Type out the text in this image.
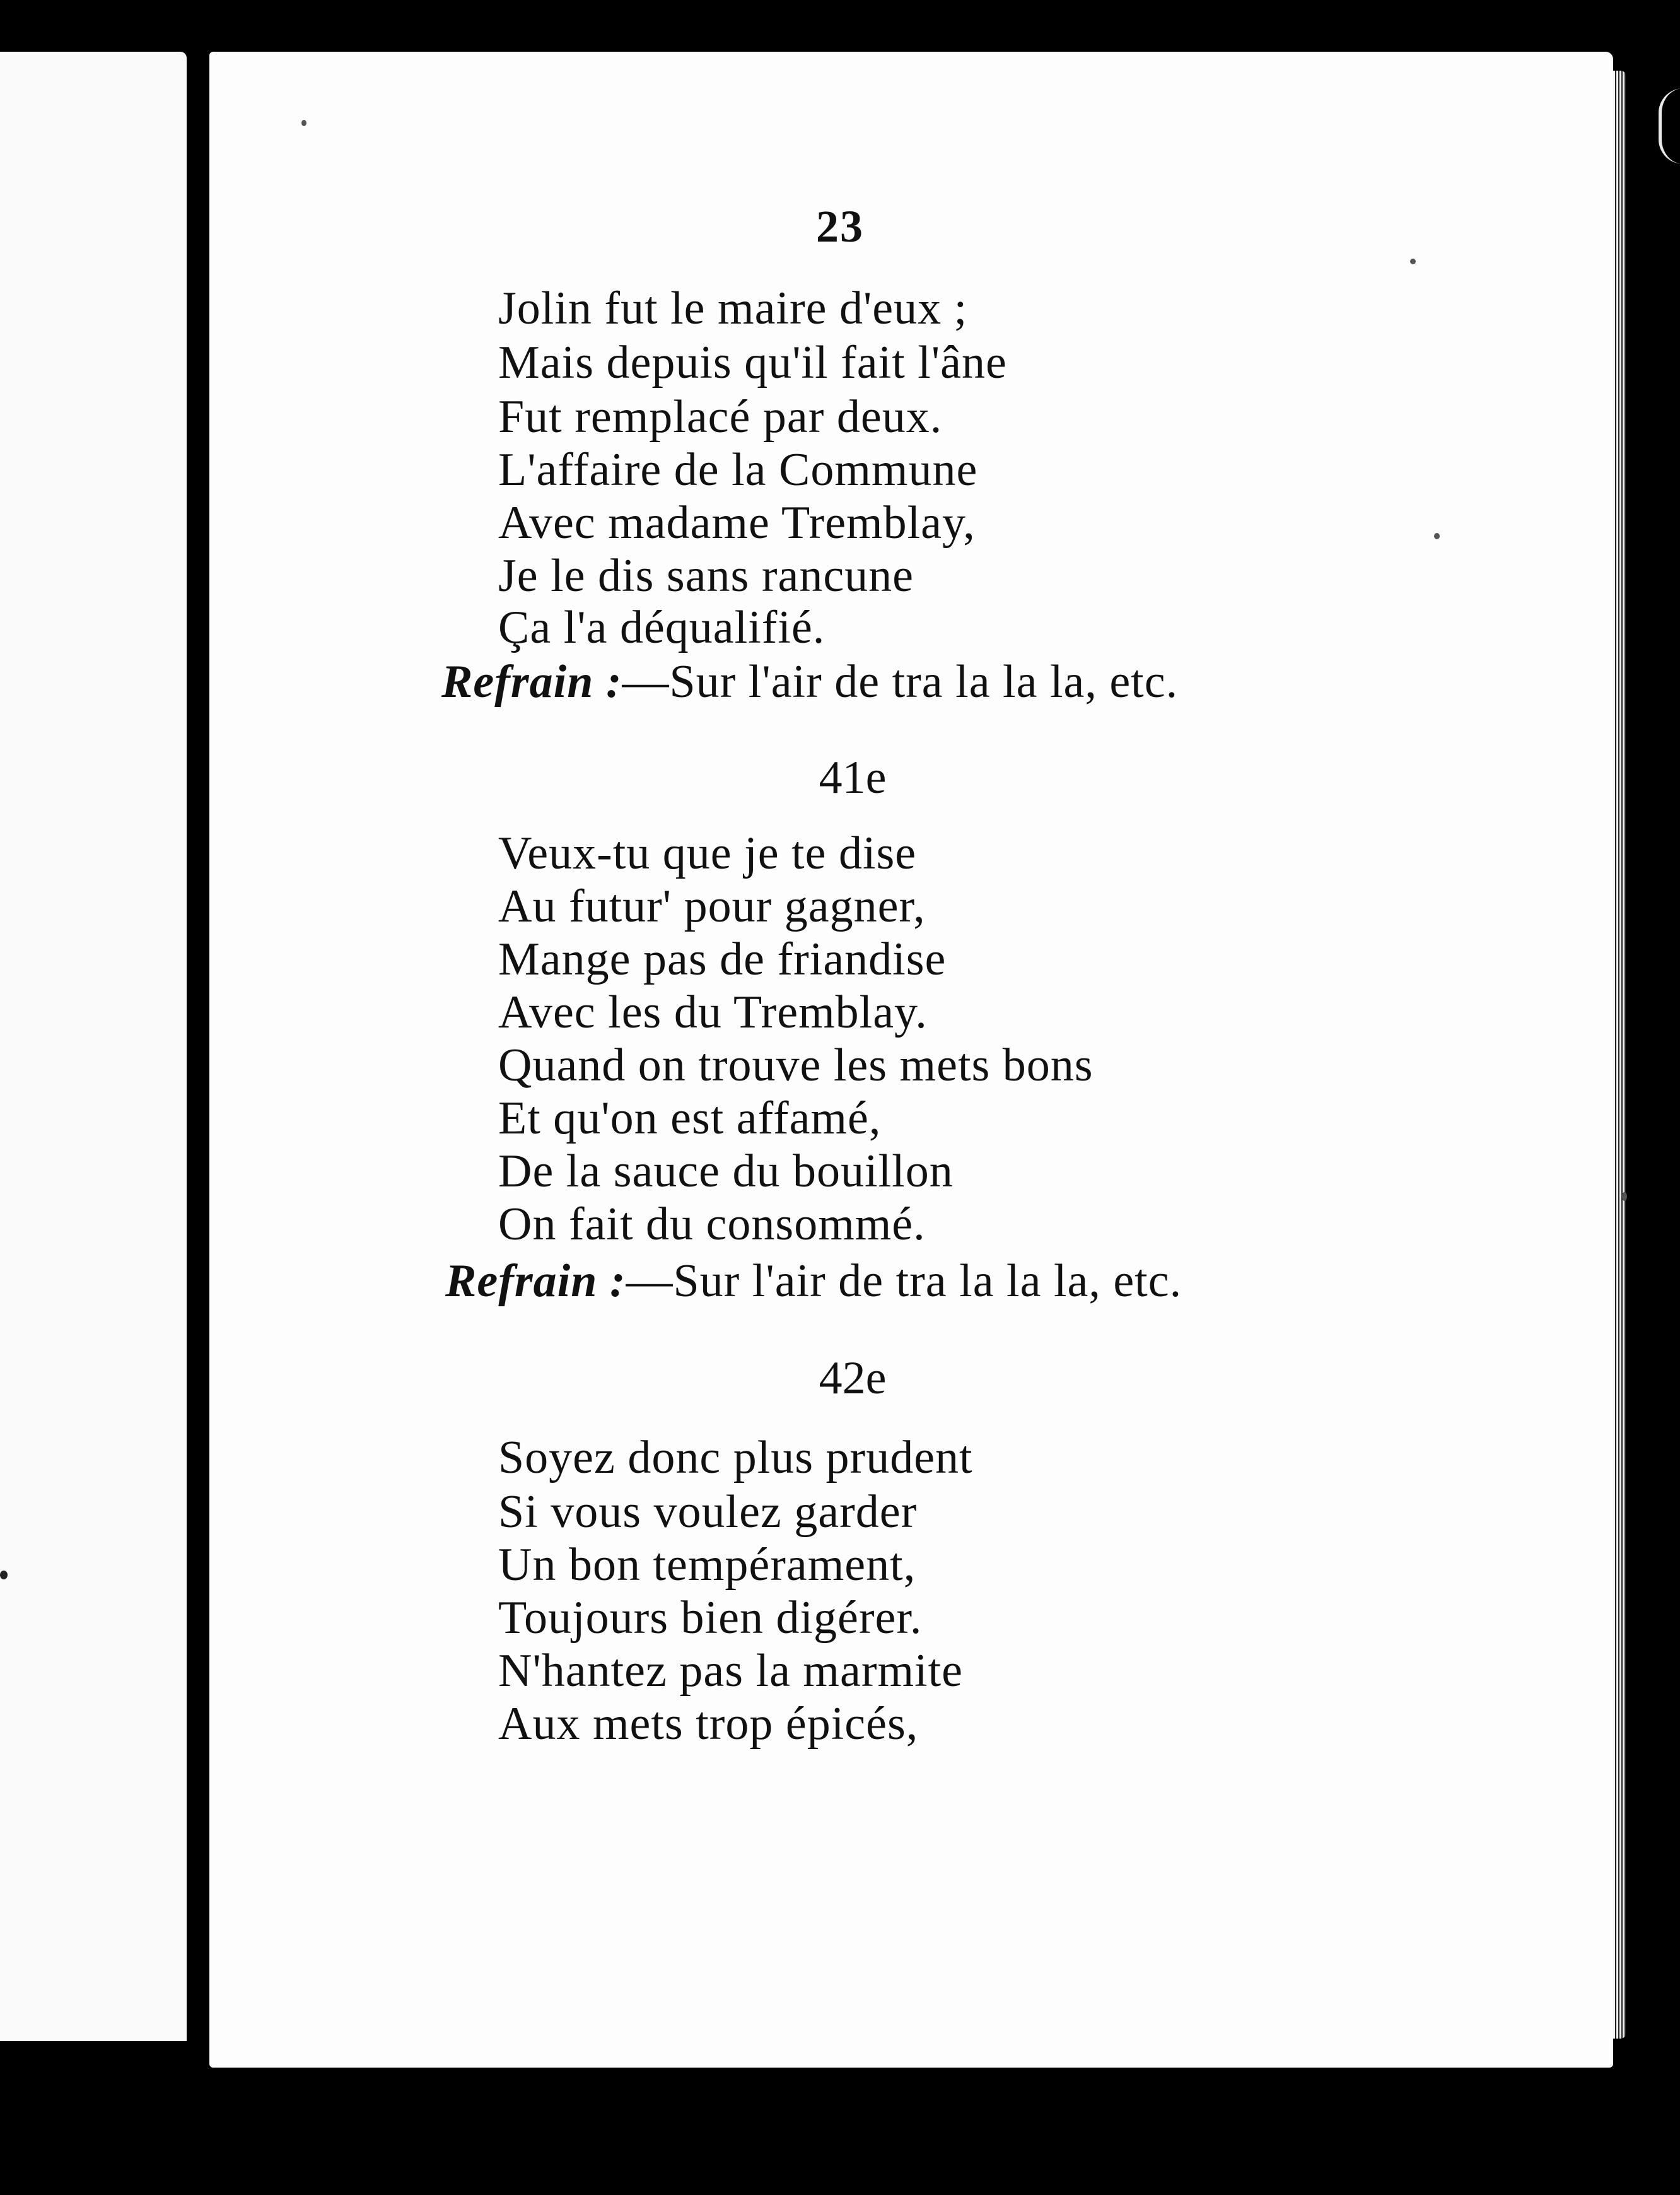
23

Jolin fut le maire d'eux ;

Mais depuis qu'il fait l'âne

Fut remplacé par deux.

L'affaire de la Commune

Avec madame Tremblay,

Je le dis sans rancune

Ça l'a déqualifié.

Refrain :—Sur l'air de tra la la la, etc.

41e

Veux-tu que je te dise

Au futur' pour gagner,

Mange pas de friandise

Avec les du Tremblay.

Quand on trouve les mets bons

Et qu'on est affamé,

De la sauce du bouillon

On fait du consommé.

Refrain :—Sur l'air de tra la la la, etc.

42e

Soyez donc plus prudent

Si vous voulez garder

Un bon tempérament,

Toujours bien digérer.

N'hantez pas la marmite

Aux mets trop épicés,
